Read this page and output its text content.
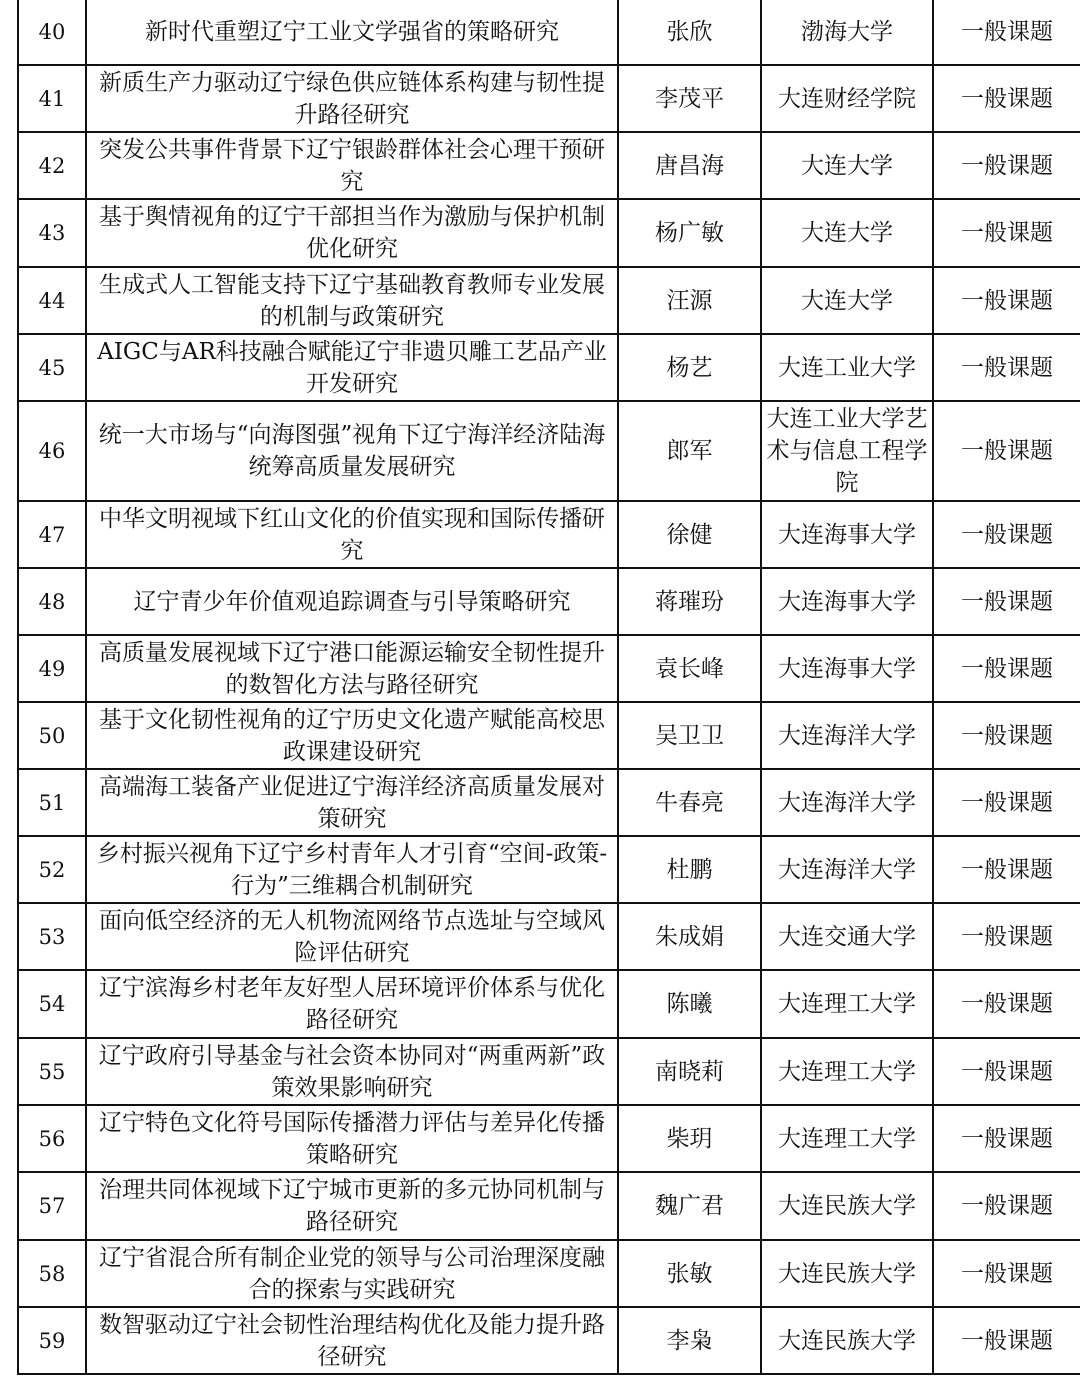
40	新时代重塑辽宁工业文学强省的策略研究	张欣	渤海大学	一般课题
41	新质生产力驱动辽宁绿色供应链体系构建与韧性提升路径研究	李茂平	大连财经学院	一般课题
42	突发公共事件背景下辽宁银龄群体社会心理干预研究	唐昌海	大连大学	一般课题
43	基于舆情视角的辽宁干部担当作为激励与保护机制优化研究	杨广敏	大连大学	一般课题
44	生成式人工智能支持下辽宁基础教育教师专业发展的机制与政策研究	汪源	大连大学	一般课题
45	AIGC与AR科技融合赋能辽宁非遗贝雕工艺品产业开发研究	杨艺	大连工业大学	一般课题
46	统一大市场与“向海图强”视角下辽宁海洋经济陆海统筹高质量发展研究	郎军	大连工业大学艺术与信息工程学院	一般课题
47	中华文明视域下红山文化的价值实现和国际传播研究	徐健	大连海事大学	一般课题
48	辽宁青少年价值观追踪调查与引导策略研究	蒋璀玢	大连海事大学	一般课题
49	高质量发展视域下辽宁港口能源运输安全韧性提升的数智化方法与路径研究	袁长峰	大连海事大学	一般课题
50	基于文化韧性视角的辽宁历史文化遗产赋能高校思政课建设研究	吴卫卫	大连海洋大学	一般课题
51	高端海工装备产业促进辽宁海洋经济高质量发展对策研究	牛春亮	大连海洋大学	一般课题
52	乡村振兴视角下辽宁乡村青年人才引育“空间-政策-行为”三维耦合机制研究	杜鹏	大连海洋大学	一般课题
53	面向低空经济的无人机物流网络节点选址与空域风险评估研究	朱成娟	大连交通大学	一般课题
54	辽宁滨海乡村老年友好型人居环境评价体系与优化路径研究	陈曦	大连理工大学	一般课题
55	辽宁政府引导基金与社会资本协同对“两重两新”政策效果影响研究	南晓莉	大连理工大学	一般课题
56	辽宁特色文化符号国际传播潜力评估与差异化传播策略研究	柴玥	大连理工大学	一般课题
57	治理共同体视域下辽宁城市更新的多元协同机制与路径研究	魏广君	大连民族大学	一般课题
58	辽宁省混合所有制企业党的领导与公司治理深度融合的探索与实践研究	张敏	大连民族大学	一般课题
59	数智驱动辽宁社会韧性治理结构优化及能力提升路径研究	李枭	大连民族大学	一般课题
